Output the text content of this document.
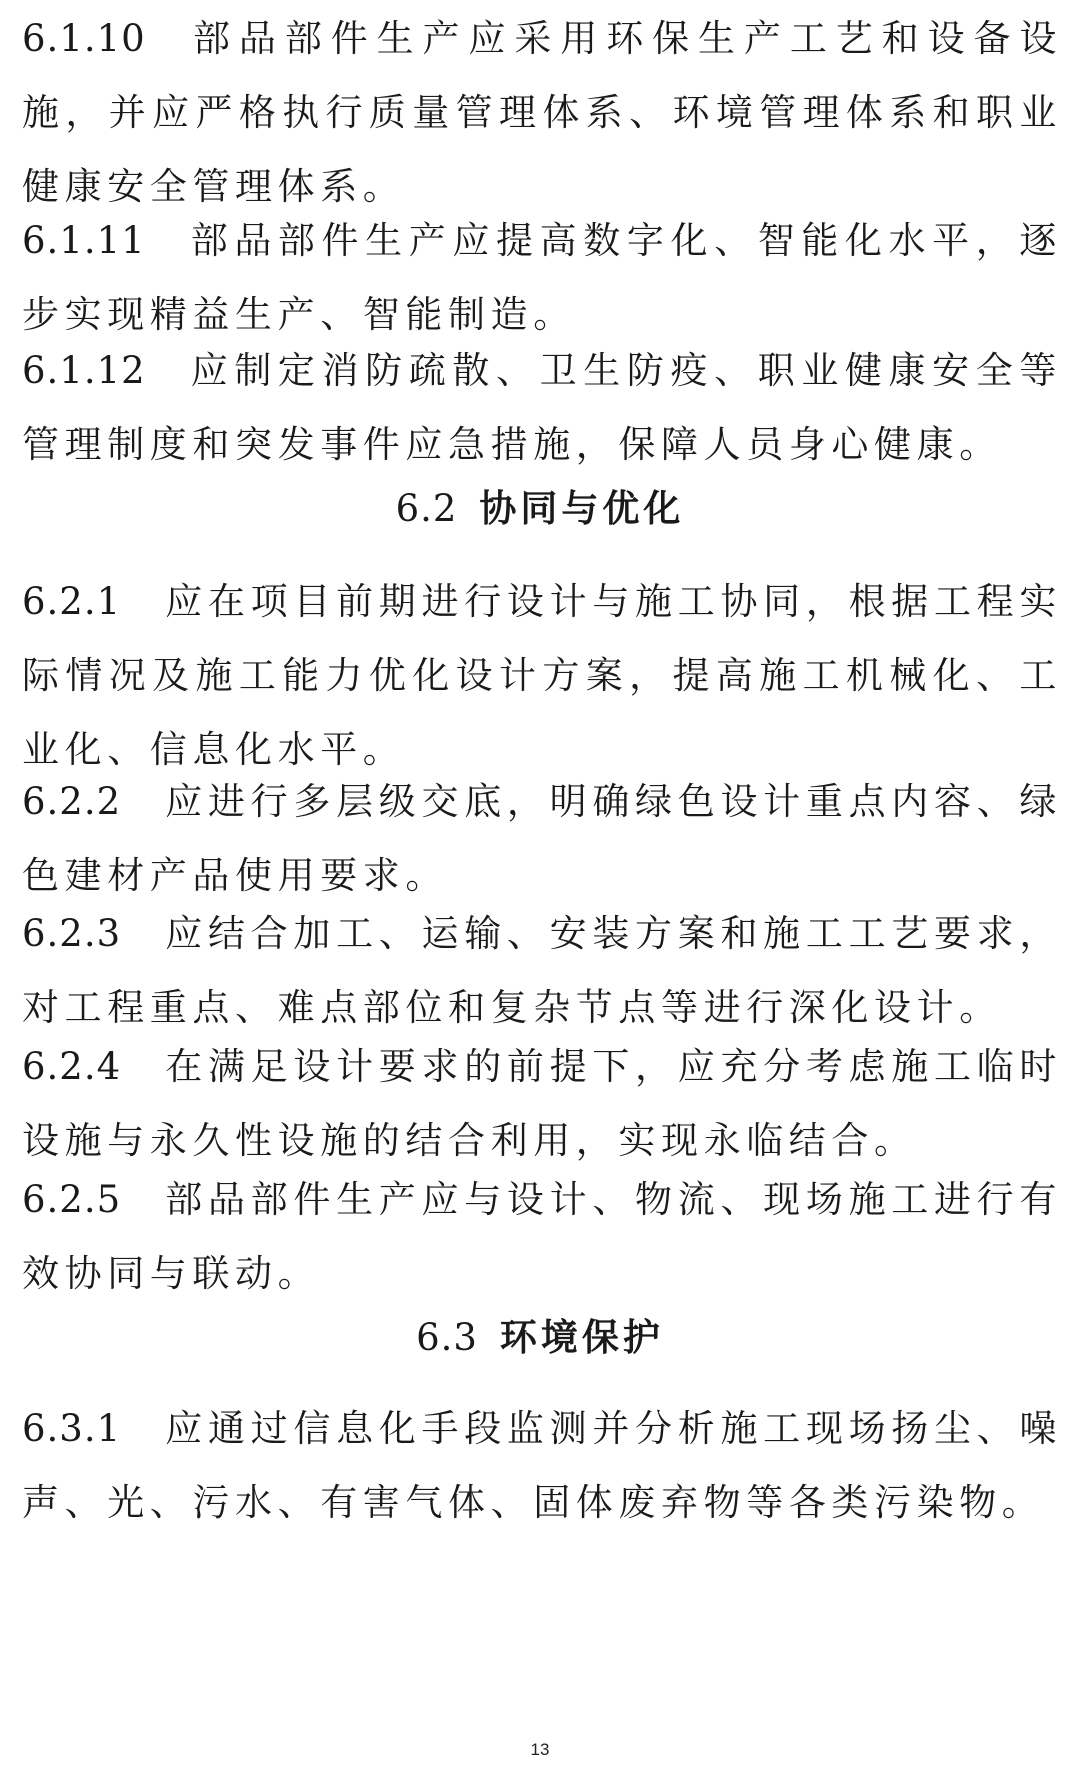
6.1.10 部品部件生产应采用环保生产工艺和设备设施，并应严格执行质量管理体系、环境管理体系和职业健康安全管理体系。

6.1.11 部品部件生产应提高数字化、智能化水平，逐步实现精益生产、智能制造。

6.1.12 应制定消防疏散、卫生防疫、职业健康安全等管理制度和突发事件应急措施，保障人员身心健康。

6.2 协同与优化

6.2.1 应在项目前期进行设计与施工协同，根据工程实际情况及施工能力优化设计方案，提高施工机械化、工业化、信息化水平。

6.2.2 应进行多层级交底，明确绿色设计重点内容、绿色建材产品使用要求。

6.2.3 应结合加工、运输、安装方案和施工工艺要求，对工程重点、难点部位和复杂节点等进行深化设计。

6.2.4 在满足设计要求的前提下，应充分考虑施工临时设施与永久性设施的结合利用，实现永临结合。

6.2.5 部品部件生产应与设计、物流、现场施工进行有效协同与联动。

6.3 环境保护

6.3.1 应通过信息化手段监测并分析施工现场扬尘、噪声、光、污水、有害气体、固体废弃物等各类污染物。

13
